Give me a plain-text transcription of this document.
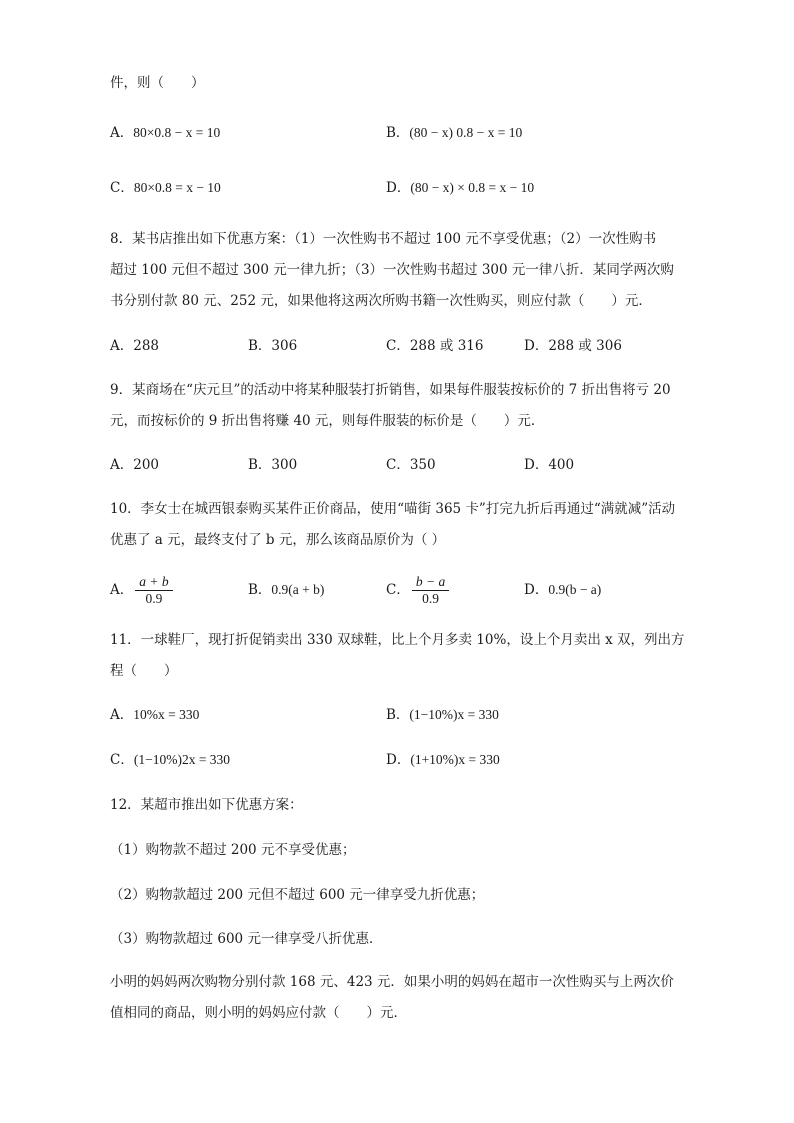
件，则（　　）
A．80×0.8 − x = 10	B．(80 − x) 0.8 − x = 10
C．80×0.8 = x − 10	D．(80 − x) × 0.8 = x − 10
8．某书店推出如下优惠方案：（1）一次性购书不超过 100 元不享受优惠；（2）一次性购书
超过 100 元但不超过 300 元一律九折；（3）一次性购书超过 300 元一律八折．某同学两次购
书分别付款 80 元、252 元，如果他将这两次所购书籍一次性购买，则应付款（　　）元．
A．288	B．306	C．288 或 316	D．288 或 306
9．某商场在“庆元旦”的活动中将某种服装打折销售，如果每件服装按标价的 7 折出售将亏 20
元，而按标价的 9 折出售将赚 40 元，则每件服装的标价是（　　）元．
A．200	B．300	C．350	D．400
10．李女士在城西银泰购买某件正价商品，使用“喵街 365 卡”打完九折后再通过“满就减”活动
优惠了 a 元，最终支付了 b 元，那么该商品原价为（ ）
A． $\frac{a + b}{0.9}$	B．0.9(a + b)	C． $\frac{b - a}{0.9}$	D．0.9(b − a)
11．一球鞋厂，现打折促销卖出 330 双球鞋，比上个月多卖 10%，设上个月卖出 x 双，列出方
程（　　）
A．10%x = 330	B．(1−10%)x = 330
C．(1−10%)2x = 330	D．(1+10%)x = 330
12．某超市推出如下优惠方案：
（1）购物款不超过 200 元不享受优惠；
（2）购物款超过 200 元但不超过 600 元一律享受九折优惠；
（3）购物款超过 600 元一律享受八折优惠．
小明的妈妈两次购物分别付款 168 元、423 元．如果小明的妈妈在超市一次性购买与上两次价
值相同的商品，则小明的妈妈应付款（　　）元．
